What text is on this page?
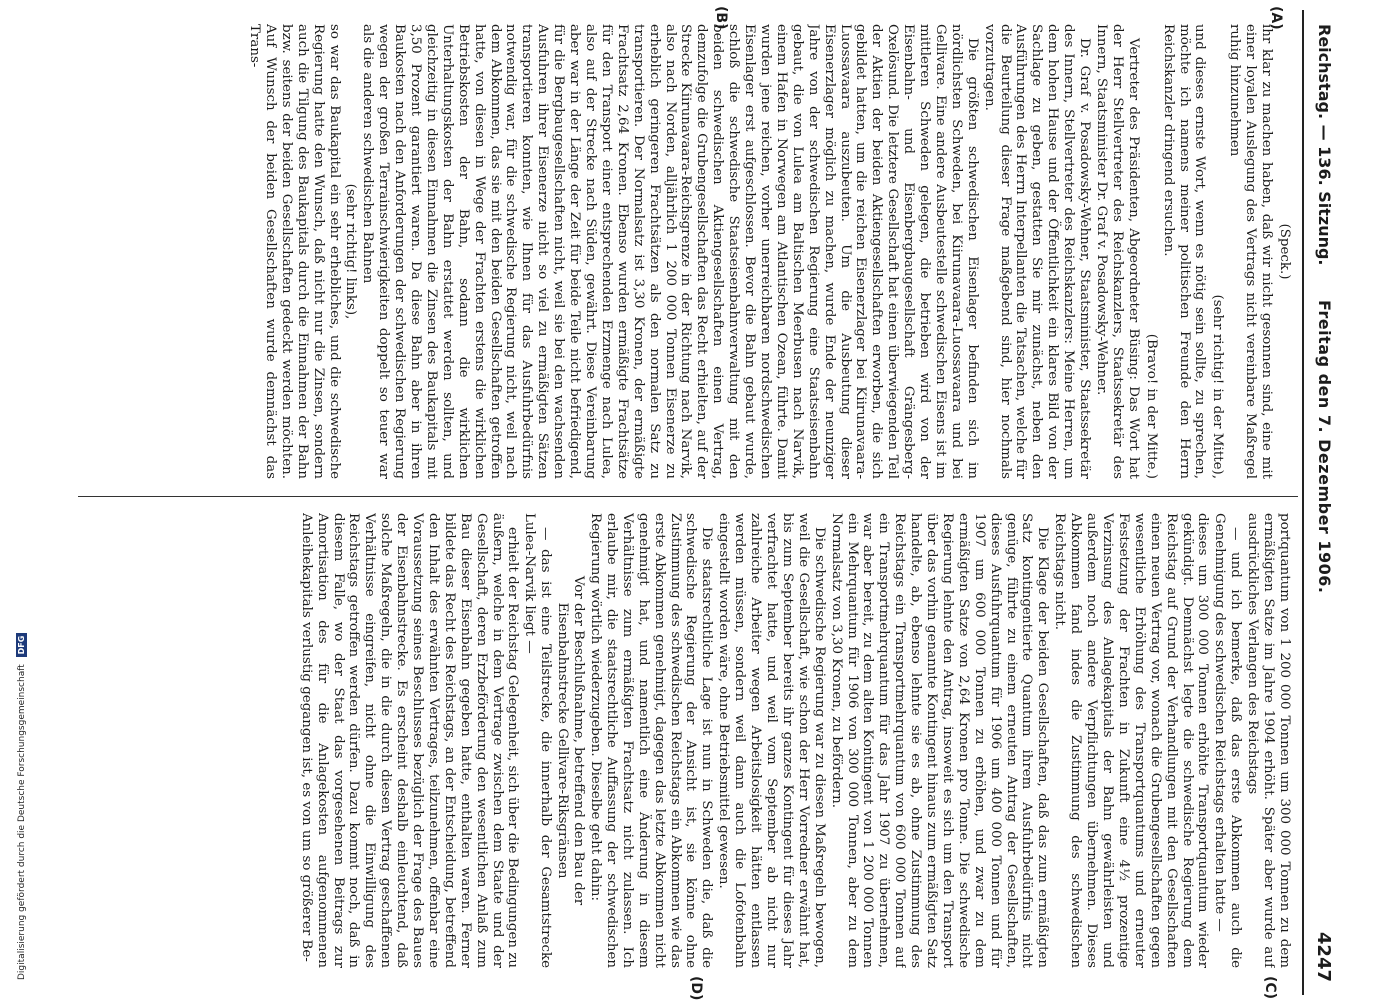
Reichstag. — 136. Sitzung.
Freitag den 7. Dezember 1906.
4247
(A)
(B)
(C)
(D)

(Speck.)

ihr klar zu machen haben, daß wir nicht gesonnen sind, eine mit einer loyalen Auslegung des Vertrags nicht vereinbare Maßregel ruhig hinzunehmen

(sehr richtig! in der Mitte),

und dieses ernste Wort, wenn es nötig sein sollte, zu sprechen, möchte ich namens meiner politischen Freunde den Herrn Reichskanzler dringend ersuchen.

(Bravo! in der Mitte.)

Vertreter des Präsidenten, Abgeordneter Büsing: Das Wort hat der Herr Stellvertreter des Reichskanzlers, Staatssekretär des Innern, Staatsminister Dr. Graf v. Posadowsky-Wehner.

Dr. Graf v. Posadowsky-Wehner, Staatsminister, Staatssekretär des Innern, Stellvertreter des Reichskanzlers: Meine Herren, um dem hohen Hause und der Öffentlichkeit ein klares Bild von der Sachlage zu geben, gestatten Sie mir zunächst, neben den Ausführungen des Herrn Interpellanten die Tatsachen, welche für die Beurteilung dieser Frage maßgebend sind, hier nochmals vorzutragen.

Die größten schwedischen Eisenlager befinden sich im nördlichsten Schweden, bei Kiirunavaara-Luossavaara und bei Gellivare. Eine andere Ausbeutestelle schwedischen Eisens ist im mittleren Schweden gelegen, die betrieben wird von der Eisenbahn- und Eisenbergbaugesellschaft Grängesberg-Oxelösund. Die letztere Gesellschaft hat einen überwiegenden Teil der Aktien der beiden Aktiengesellschaften erworben, die sich gebildet hatten, um die reichen Eisenerzlager bei Kiirunavaara-Luossavaara auszubeuten. Um die Ausbeutung dieser Eisenerzlager möglich zu machen, wurde Ende der neunziger Jahre von der schwedischen Regierung eine Staatseisenbahn gebaut, die von Lulea am Baltischen Meerbusen nach Narvik, einem Hafen in Norwegen am Atlantischen Ozean, führte. Damit wurden jene reichen, vorher unerreichbaren nordschwedischen Eisenlager erst aufgeschlossen. Bevor die Bahn gebaut wurde, schloß die schwedische Staatseisenbahnverwaltung mit den beiden schwedischen Aktiengesellschaften einen Vertrag, demzufolge die Grubengesellschaften das Recht erhielten, auf der Strecke Kiirunavaara-Reichsgrenze in der Richtung nach Narvik, also nach Norden, alljährlich 1 200 000 Tonnen Eisenerze zu erheblich geringeren Frachtsätzen als den normalen Satz zu transportieren. Der Normalsatz ist 3,30 Kronen, der ermäßigte Frachtsatz 2,64 Kronen. Ebenso wurden ermäßigte Frachtsätze für den Transport einer entsprechenden Erzmenge nach Lulea, also auf der Strecke nach Süden, gewährt. Diese Vereinbarung aber war in der Länge der Zeit für beide Teile nicht befriedigend, für die Bergbaugesellschaften nicht, weil sie bei den wachsenden Ausfuhren ihrer Eisenerze nicht so viel zu ermäßigten Sätzen transportieren konnten, wie Ihnen für das Ausfuhrbedürfnis notwendig war, für die schwedische Regierung nicht, weil nach dem Abkommen, das sie mit den beiden Gesellschaften getroffen hatte, von diesen in Wege der Frachten erstens die wirklichen Betriebskosten der Bahn, sodann die wirklichen Unterhaltungskosten der Bahn erstattet werden sollten, und gleichzeitig in diesen Einnahmen die Zinsen des Baukapitals mit 3,50 Prozent garantiert waren. Da diese Bahn aber in ihren Baukosten nach den Anforderungen der schwedischen Regierung wegen der großen Terrainschwierigkeiten doppelt so teuer war als die anderen schwedischen Bahnen

(sehr richtig! links),

so war das Baukapital ein sehr erhebliches, und die schwedische Regierung hatte den Wunsch, daß nicht nur die Zinsen, sondern auch die Tilgung des Baukapitals durch die Einnahmen der Bahn bzw. seitens der beiden Gesellschaften gedeckt werden möchten. Auf Wunsch der beiden Gesellschaften wurde demnächst das Trans-

portquantum von 1 200 000 Tonnen um 300 000 Tonnen zu dem ermäßigten Satze im Jahre 1904 erhöht. Später aber wurde auf ausdrückliches Verlangen des Reichstags

— und ich bemerke, daß das erste Abkommen auch die Genehmigung des schwedischen Reichstags erhalten hatte —

dieses um 300 000 Tonnen erhöhte Transportquantum wieder gekündigt. Demnächst legte die schwedische Regierung dem Reichstag auf Grund der Verhandlungen mit den Gesellschaften einen neuen Vertrag vor, wonach die Grubengesellschaften gegen wesentliche Erhöhung des Transportquantums und erneuter Festsetzung der Frachten in Zukunft eine 4½ prozentige Verzinsung des Anlagekapitals der Bahn gewährleisten und außerdem noch andere Verpflichtungen übernehmen. Dieses Abkommen fand indes die Zustimmung des schwedischen Reichstags nicht.

Die Klage der beiden Gesellschaften, daß das zum ermäßigten Satz kontingentierte Quantum ihrem Ausfuhrbedürfnis nicht genüge, führte zu einem erneuten Antrag der Gesellschaften, dieses Ausfuhrquantum für 1906 um 400 000 Tonnen und für 1907 um 600 000 Tonnen zu erhöhen, und zwar zu dem ermäßigten Satze von 2,64 Kronen pro Tonne. Die schwedische Regierung lehnte den Antrag, insoweit es sich um den Transport über das vorhin genannte Kontingent hinaus zum ermäßigten Satz handelte, ab, ebenso lehnte sie es ab, ohne Zustimmung des Reichstags ein Transportmehrquantum von 600 000 Tonnen auf ein Transportmehrquantum für das Jahr 1907 zu übernehmen, war aber bereit, zu dem alten Kontingent von 1 200 000 Tonnen ein Mehrquantum für 1906 von 300 000 Tonnen, aber zu dem Normalsatz von 3,30 Kronen, zu befördern.

Die schwedische Regierung war zu diesen Maßregeln bewogen, weil die Gesellschaft, wie schon der Herr Vorredner erwähnt hat, bis zum September bereits ihr ganzes Kontingent für dieses Jahr verfrachtet hatte, und weil vom September ab nicht nur zahlreiche Arbeiter wegen Arbeitslosigkeit hätten entlassen werden müssen, sondern weil dann auch die Lofotenbahn eingestellt worden wäre, ohne Betriebsmittel gewesen.

Die staatsrechtliche Lage ist nun in Schweden die, daß die schwedische Regierung der Ansicht ist, sie könne ohne Zustimmung des schwedischen Reichstags ein Abkommen wie das erste Abkommen genehmigt, dagegen das letzte Abkommen nicht genehmigt hat, und namentlich eine Änderung in diesem Verhältnisse zum ermäßigten Frachtsatz nicht zulassen. Ich erlaube mir, die staatsrechtliche Auffassung der schwedischen Regierung wörtlich wiederzugeben. Dieselbe geht dahin:

Vor der Beschlußnahme, betreffend den Bau der Eisenbahnstrecke Gellivare-Riksgränsen

— das ist eine Teilstrecke, die innerhalb der Gesamtstrecke Lulea-Narvik liegt —

erhielt der Reichstag Gelegenheit, sich über die Bedingungen zu äußern, welche in dem Vertrage zwischen dem Staate und der Gesellschaft, deren Erzbeförderung den wesentlichen Anlaß zum Bau dieser Eisenbahn gegeben hatte, enthalten waren. Ferner bildete das Recht des Reichstags, an der Entscheidung, betreffend den Inhalt des erwähnten Vertrages, teilzunehmen, offenbar eine Voraussetzung seines Beschlusses bezüglich der Frage des Baues der Eisenbahnstrecke. Es erscheint deshalb einleuchtend, daß solche Maßregeln, die in die durch diesen Vertrag geschaffenen Verhältnisse eingreifen, nicht ohne die Einwilligung des Reichstags getroffen werden dürfen. Dazu kommt noch, daß in diesem Falle, wo der Staat das vorgesehenen Beitrags zur Amortisation des für die Anlagekosten aufgenommenen Anleihekapitals verlustig gegangen ist, es von um so größerer Be-

Digitalisierung gefördert durch die Deutsche Forschungsgemeinschaft DFG
